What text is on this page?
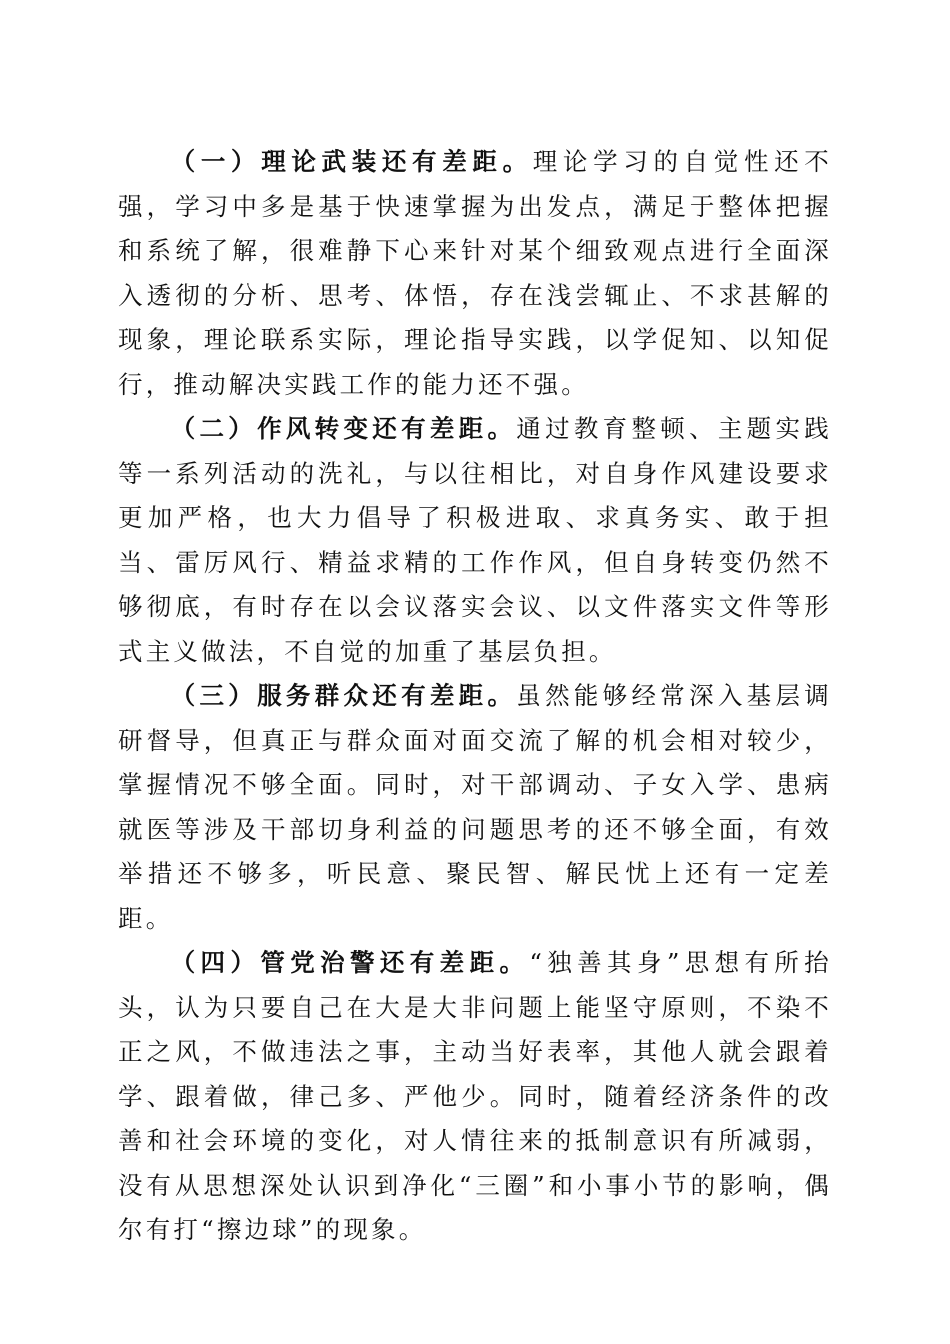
（一）理论武装还有差距。理论学习的自觉性还不强，学习中多是基于快速掌握为出发点，满足于整体把握和系统了解，很难静下心来针对某个细致观点进行全面深入透彻的分析、思考、体悟，存在浅尝辄止、不求甚解的现象，理论联系实际，理论指导实践，以学促知、以知促行，推动解决实践工作的能力还不强。

（二）作风转变还有差距。通过教育整顿、主题实践等一系列活动的洗礼，与以往相比，对自身作风建设要求更加严格，也大力倡导了积极进取、求真务实、敢于担当、雷厉风行、精益求精的工作作风，但自身转变仍然不够彻底，有时存在以会议落实会议、以文件落实文件等形式主义做法，不自觉的加重了基层负担。

（三）服务群众还有差距。虽然能够经常深入基层调研督导，但真正与群众面对面交流了解的机会相对较少，掌握情况不够全面。同时，对干部调动、子女入学、患病就医等涉及干部切身利益的问题思考的还不够全面，有效举措还不够多，听民意、聚民智、解民忧上还有一定差距。

（四）管党治警还有差距。“独善其身”思想有所抬头，认为只要自己在大是大非问题上能坚守原则，不染不正之风，不做违法之事，主动当好表率，其他人就会跟着学、跟着做，律己多、严他少。同时，随着经济条件的改善和社会环境的变化，对人情往来的抵制意识有所减弱，没有从思想深处认识到净化“三圈”和小事小节的影响，偶尔有打“擦边球”的现象。
